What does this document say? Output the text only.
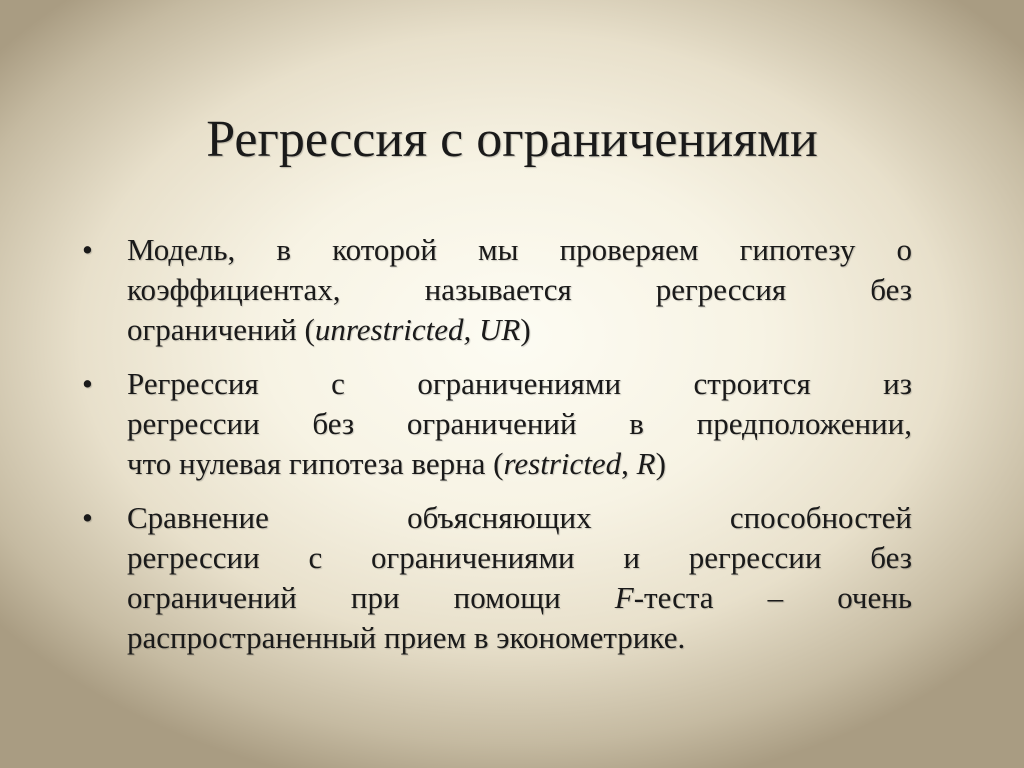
Регрессия с ограничениями
•	Модель, в которой мы проверяем гипотезу о
коэффициентах, называется регрессия без
ограничений (unrestricted, UR)
•	Регрессия с ограничениями строится из
регрессии без ограничений в предположении,
что нулевая гипотеза верна (restricted, R)
•	Сравнение объясняющих способностей
регрессии с ограничениями и регрессии без
ограничений при помощи F-теста – очень
распространенный прием в эконометрике.
